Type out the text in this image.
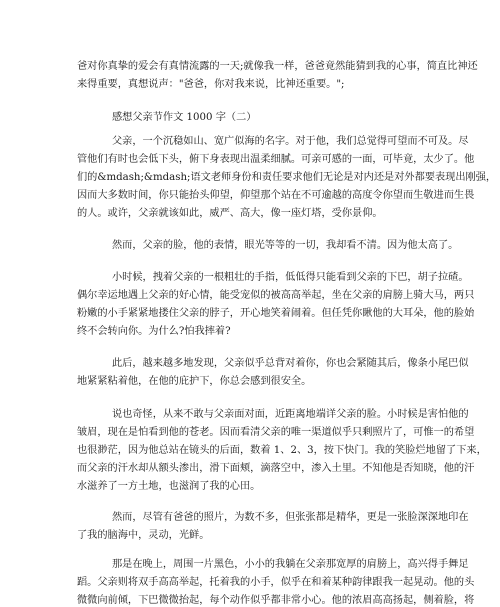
爸对你真挚的爱会有真情流露的一天;就像我一样，爸爸竟然能猜到我的心事，简直比神还
来得重要，真想说声："爸爸，你对我来说，比神还重要。";
感想父亲节作文 1000 字（二）
父亲，一个沉稳如山、宽广似海的名字。对于他，我们总觉得可望而不可及。尽
管他们有时也会低下头，俯下身表现出温柔细腻。可亲可感的一面，可毕竟，太少了。他
们的&mdash;&mdash;语文老师身份和责任要求他们无论是对内还是对外都要表现出刚强，
因而大多数时间，你只能抬头仰望，仰望那个站在不可逾越的高度令你望而生敬进而生畏
的人。或许，父亲就该如此，威严、高大，像一座灯塔，受你景仰。
然而，父亲的脸，他的表情，眼光等等的一切，我却看不清。因为他太高了。
小时候，拽着父亲的一根粗壮的手指，低低得只能看到父亲的下巴，胡子拉碴。
偶尔幸运地遇上父亲的好心情，能受宠似的被高高举起，坐在父亲的肩膀上骑大马，两只
粉嫩的小手紧紧地搂住父亲的脖子，开心地笑着闹着。但任凭你瞅他的大耳朵，他的脸始
终不会转向你。为什么?怕我摔着?
此后，越来越多地发现，父亲似乎总背对着你，你也会紧随其后，像条小尾巴似
地紧紧粘着他，在他的庇护下，你总会感到很安全。
说也奇怪，从来不敢与父亲面对面，近距离地端详父亲的脸。小时候是害怕他的
皱眉，现在是怕看到他的苍老。因而看清父亲的唯一渠道似乎只剩照片了，可惟一的希望
也很渺茫，因为他总站在镜头的后面，数着 1、2、3，按下快门。我的笑脸烂地留了下来，
而父亲的汗水却从额头渗出，滑下面颊，滴落空中，渗入土里。不知他是否知晓，他的汗
水滋养了一方土地，也滋润了我的心田。
然而，尽管有爸爸的照片，为数不多，但张张都是精华，更是一张脸深深地印在
了我的脑海中，灵动，光鲜。
那是在晚上，周围一片黑色，小小的我躺在父亲那宽厚的肩膀上，高兴得手舞足
蹈。父亲则将双手高高举起，托着我的小手，似乎在和着某种韵律跟我一起晃动。他的头
微微向前倾，下巴微微抬起，每个动作似乎都非常小心。他的浓眉高高扬起，侧着脸，将
